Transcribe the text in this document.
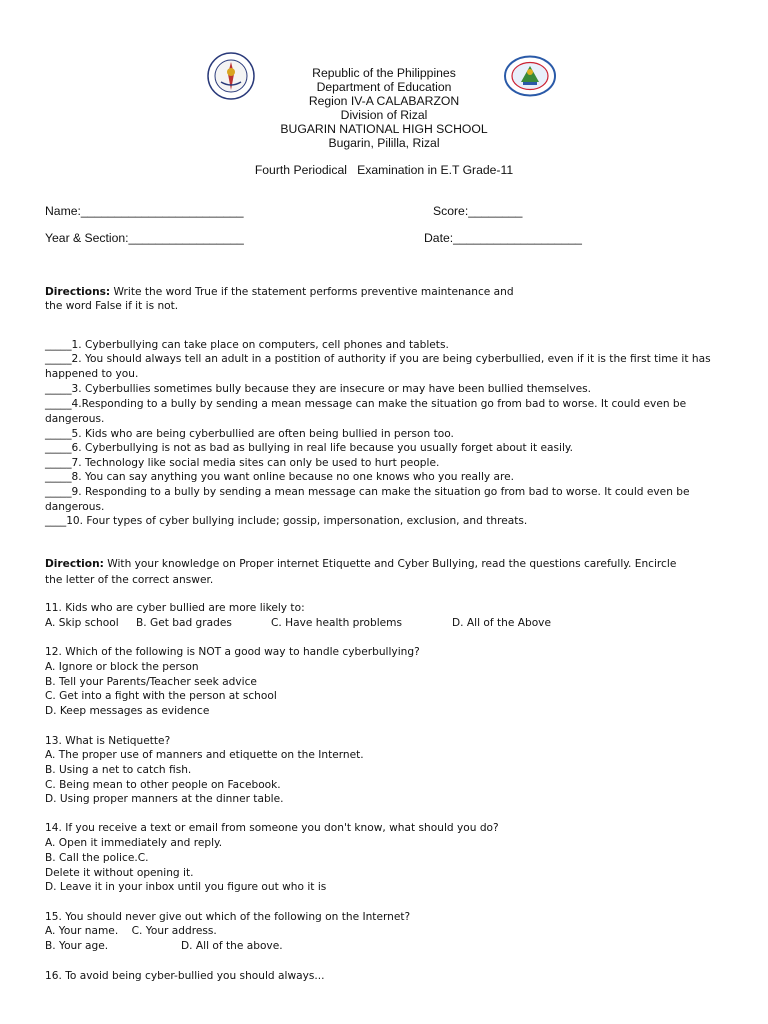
Republic of the Philippines
Department of Education
Region IV-A CALABARZON
Division of Rizal
BUGARIN NATIONAL HIGH SCHOOL
Bugarin, Pililla, Rizal
Fourth Periodical   Examination in E.T Grade-11
Name:________________________	Score:________
Year & Section:_________________	Date:___________________
Directions: Write the word True if the statement performs preventive maintenance and
the word False if it is not.
_____1. Cyberbullying can take place on computers, cell phones and tablets.
_____2. You should always tell an adult in a postition of authority if you are being cyberbullied, even if it is the first time it has happened to you.
_____3. Cyberbullies sometimes bully because they are insecure or may have been bullied themselves.
_____4.Responding to a bully by sending a mean message can make the situation go from bad to worse. It could even be dangerous.
_____5. Kids who are being cyberbullied are often being bullied in person too.
_____6. Cyberbullying is not as bad as bullying in real life because you usually forget about it easily.
_____7. Technology like social media sites can only be used to hurt people.
_____8. You can say anything you want online because no one knows who you really are.
_____9. Responding to a bully by sending a mean message can make the situation go from bad to worse. It could even be dangerous.
____10. Four types of cyber bullying include; gossip, impersonation, exclusion, and threats.
Direction: With your knowledge on Proper internet Etiquette and Cyber Bullying, read the questions carefully. Encircle
the letter of the correct answer.
11. Kids who are cyber bullied are more likely to:
A. Skip school B. Get bad grades	C. Have health problems	D. All of the Above
12. Which of the following is NOT a good way to handle cyberbullying?
A. Ignore or block the person
B. Tell your Parents/Teacher seek advice
C. Get into a fight with the person at school
D. Keep messages as evidence
13. What is Netiquette?
A. The proper use of manners and etiquette on the Internet.
B. Using a net to catch fish.
C. Being mean to other people on Facebook.
D. Using proper manners at the dinner table.
14. If you receive a text or email from someone you don't know, what should you do?
A. Open it immediately and reply.
B. Call the police.C.
Delete it without opening it.
D. Leave it in your inbox until you figure out who it is
15. You should never give out which of the following on the Internet?
A. Your name.    C. Your address.
B. Your age.	D. All of the above.
16. To avoid being cyber-bullied you should always...
